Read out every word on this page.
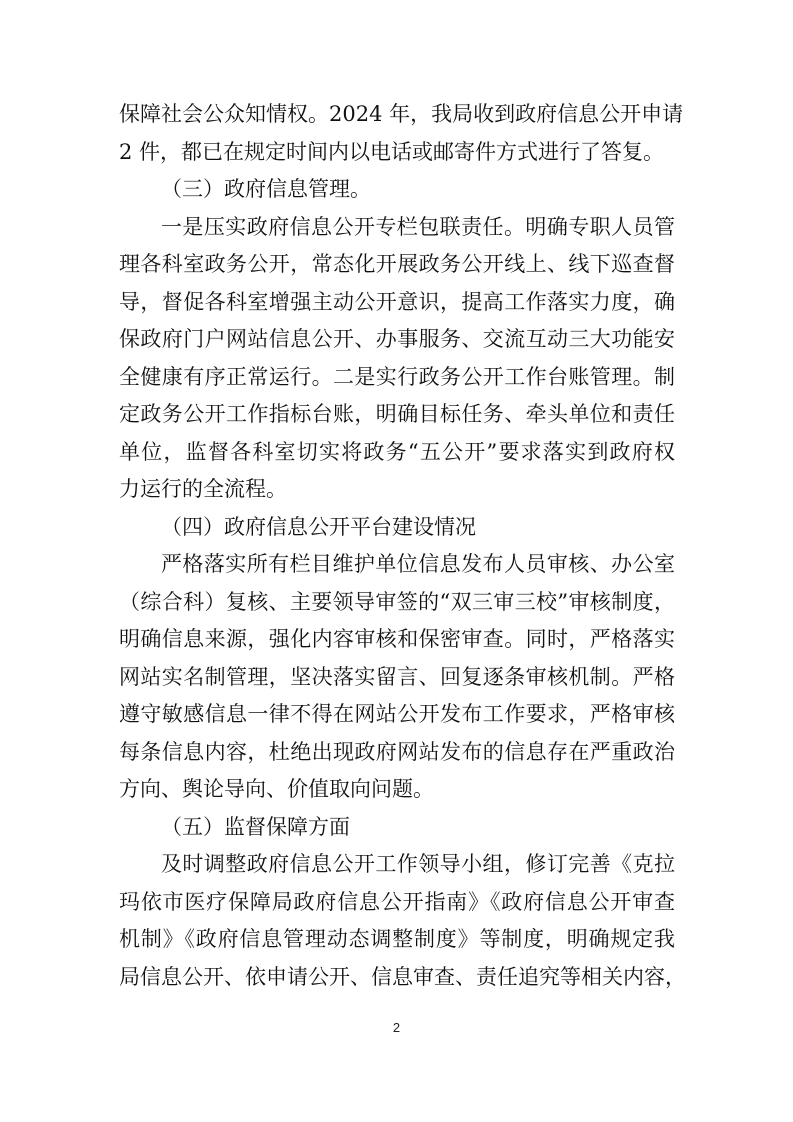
保障社会公众知情权。2024 年，我局收到政府信息公开申请
2 件，都已在规定时间内以电话或邮寄件方式进行了答复。
（三）政府信息管理。
一是压实政府信息公开专栏包联责任。明确专职人员管
理各科室政务公开，常态化开展政务公开线上、线下巡查督
导，督促各科室增强主动公开意识，提高工作落实力度，确
保政府门户网站信息公开、办事服务、交流互动三大功能安
全健康有序正常运行。二是实行政务公开工作台账管理。制
定政务公开工作指标台账，明确目标任务、牵头单位和责任
单位，监督各科室切实将政务“五公开”要求落实到政府权
力运行的全流程。
（四）政府信息公开平台建设情况
严格落实所有栏目维护单位信息发布人员审核、办公室
（综合科）复核、主要领导审签的“双三审三校”审核制度，
明确信息来源，强化内容审核和保密审查。同时，严格落实
网站实名制管理，坚决落实留言、回复逐条审核机制。严格
遵守敏感信息一律不得在网站公开发布工作要求，严格审核
每条信息内容，杜绝出现政府网站发布的信息存在严重政治
方向、舆论导向、价值取向问题。
（五）监督保障方面
及时调整政府信息公开工作领导小组，修订完善《克拉
玛依市医疗保障局政府信息公开指南》《政府信息公开审查
机制》《政府信息管理动态调整制度》等制度，明确规定我
局信息公开、依申请公开、信息审查、责任追究等相关内容，
2
